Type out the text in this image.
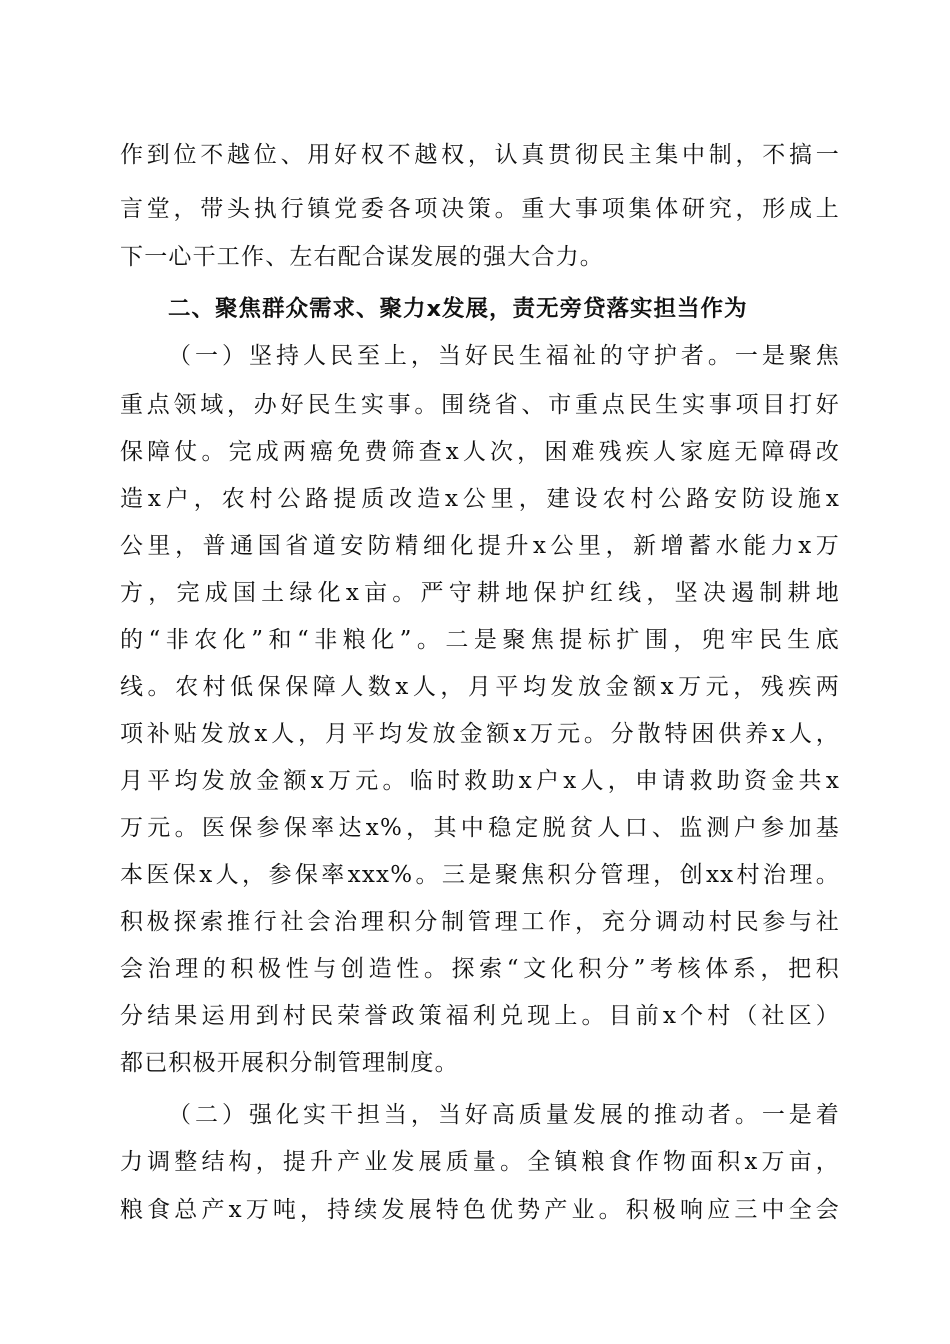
作到位不越位、用好权不越权，认真贯彻民主集中制，不搞一
言堂，带头执行镇党委各项决策。重大事项集体研究，形成上
下一心干工作、左右配合谋发展的强大合力。
二、聚焦群众需求、聚力x发展，责无旁贷落实担当作为
（一）坚持人民至上，当好民生福祉的守护者。一是聚焦
重点领域，办好民生实事。围绕省、市重点民生实事项目打好
保障仗。完成两癌免费筛查x人次，困难残疾人家庭无障碍改
造x户，农村公路提质改造x公里，建设农村公路安防设施x
公里，普通国省道安防精细化提升x公里，新增蓄水能力x万
方，完成国土绿化x亩。严守耕地保护红线，坚决遏制耕地
的“非农化”和“非粮化”。二是聚焦提标扩围，兜牢民生底
线。农村低保保障人数x人，月平均发放金额x万元，残疾两
项补贴发放x人，月平均发放金额x万元。分散特困供养x人，
月平均发放金额x万元。临时救助x户x人，申请救助资金共x
万元。医保参保率达x%，其中稳定脱贫人口、监测户参加基
本医保x人，参保率xxx%。三是聚焦积分管理，创xx村治理。
积极探索推行社会治理积分制管理工作，充分调动村民参与社
会治理的积极性与创造性。探索“文化积分”考核体系，把积
分结果运用到村民荣誉政策福利兑现上。目前x个村（社区）
都已积极开展积分制管理制度。
（二）强化实干担当，当好高质量发展的推动者。一是着
力调整结构，提升产业发展质量。全镇粮食作物面积x万亩，
粮食总产x万吨，持续发展特色优势产业。积极响应三中全会
